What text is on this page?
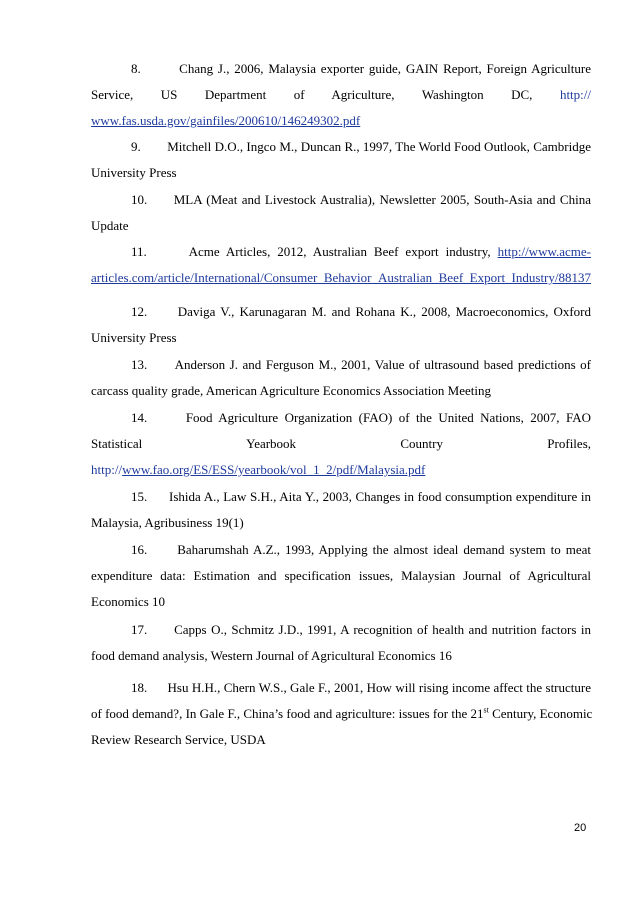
8.	Chang J., 2006, Malaysia exporter guide, GAIN Report, Foreign Agriculture
Service, US Department of Agriculture, Washington DC, http://
www.fas.usda.gov/gainfiles/200610/146249302.pdf
9. Mitchell D.O., Ingco M., Duncan R., 1997, The World Food Outlook, Cambridge
University Press
10. MLA (Meat and Livestock Australia), Newsletter 2005, South-Asia and China
Update
11.	Acme Articles, 2012, Australian Beef export industry, http://www.acme-
articles.com/article/International/Consumer_Behavior_Australian_Beef_Export_Industry/88137
12. Daviga V., Karunagaran M. and Rohana K., 2008, Macroeconomics, Oxford
University Press
13. Anderson J. and Ferguson M., 2001, Value of ultrasound based predictions of
carcass quality grade, American Agriculture Economics Association Meeting
14.	Food Agriculture Organization (FAO) of the United Nations, 2007, FAO
Statistical Yearbook Country Profiles,
http://www.fao.org/ES/ESS/yearbook/vol_1_2/pdf/Malaysia.pdf
15. Ishida A., Law S.H., Aita Y., 2003, Changes in food consumption expenditure in
Malaysia, Agribusiness 19(1)
16. Baharumshah A.Z., 1993, Applying the almost ideal demand system to meat
expenditure data: Estimation and specification issues, Malaysian Journal of Agricultural
Economics 10
17. Capps O., Schmitz J.D., 1991, A recognition of health and nutrition factors in
food demand analysis, Western Journal of Agricultural Economics 16
18. Hsu H.H., Chern W.S., Gale F., 2001, How will rising income affect the structure
of food demand?, In Gale F., China’s food and agriculture: issues for the 21st Century, Economic
Review Research Service, USDA
20
